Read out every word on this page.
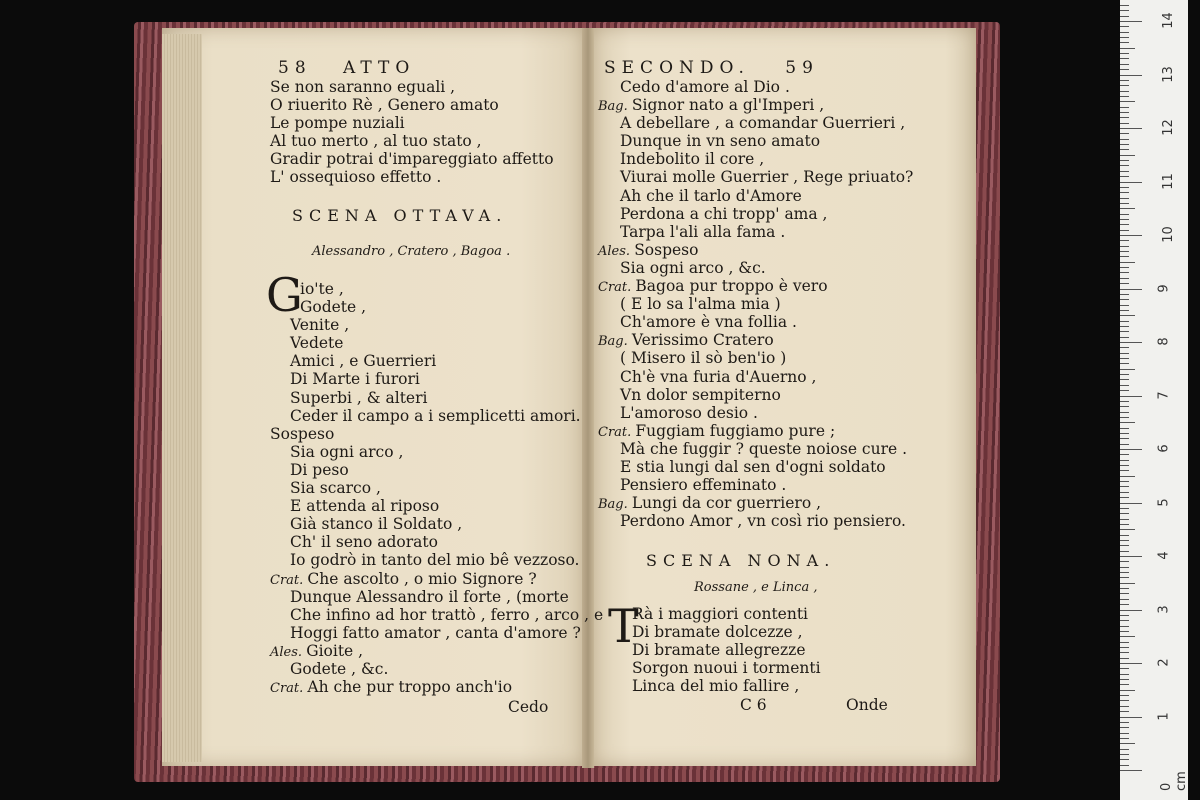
58 ATTO
Se non saranno eguali ,
O riuerito Rè , Genero amato
Le pompe nuziali
Al tuo merto , al tuo stato ,
Gradir potrai d'impareggiato affetto
L' ossequioso effetto .
SCENA OTTAVA.
Alessandro , Cratero , Bagoa .
G
io'te ,
Godete ,
Venite ,
Vedete
Amici , e Guerrieri
Di Marte i furori
Superbi , & alteri
Ceder il campo a i semplicetti amori.
Sospeso
Sia ogni arco ,
Di peso
Sia scarco ,
E attenda al riposo
Già stanco il Soldato ,
Ch' il seno adorato
Io godrò in tanto del mio bê vezzoso.
Crat. Che ascolto , o mio Signore ?
Dunque Alessandro il forte , (morte
Che infino ad hor trattò , ferro , arco , e
Hoggi fatto amator , canta d'amore ?
Ales. Gioite ,
Godete , &c.
Crat. Ah che pur troppo anch'io
Cedo
SECONDO. 59
Cedo d'amore al Dio .
Bag. Signor nato a gl'Imperi ,
A debellare , a comandar Guerrieri ,
Dunque in vn seno amato
Indebolito il core ,
Viurai molle Guerrier , Rege priuato?
Ah che il tarlo d'Amore
Perdona a chi tropp' ama ,
Tarpa l'ali alla fama .
Ales. Sospeso
Sia ogni arco , &c.
Crat. Bagoa pur troppo è vero
( E lo sa l'alma mia )
Ch'amore è vna follia .
Bag. Verissimo Cratero
( Misero il sò ben'io )
Ch'è vna furia d'Auerno ,
Vn dolor sempiterno
L'amoroso desio .
Crat. Fuggiam fuggiamo pure ;
Mà che fuggir ? queste noiose cure .
E stia lungi dal sen d'ogni soldato
Pensiero effeminato .
Bag. Lungi da cor guerriero ,
Perdono Amor , vn così rio pensiero.
SCENA NONA.
Rossane , e Linca ,
T
Rà i maggiori contenti
Di bramate dolcezze ,
Di bramate allegrezze
Sorgon nuoui i tormenti
Linca del mio fallire ,
C 6	Onde
14
13
12
11
10
9
8
7
6
5
4
3
2
1
0 cm
